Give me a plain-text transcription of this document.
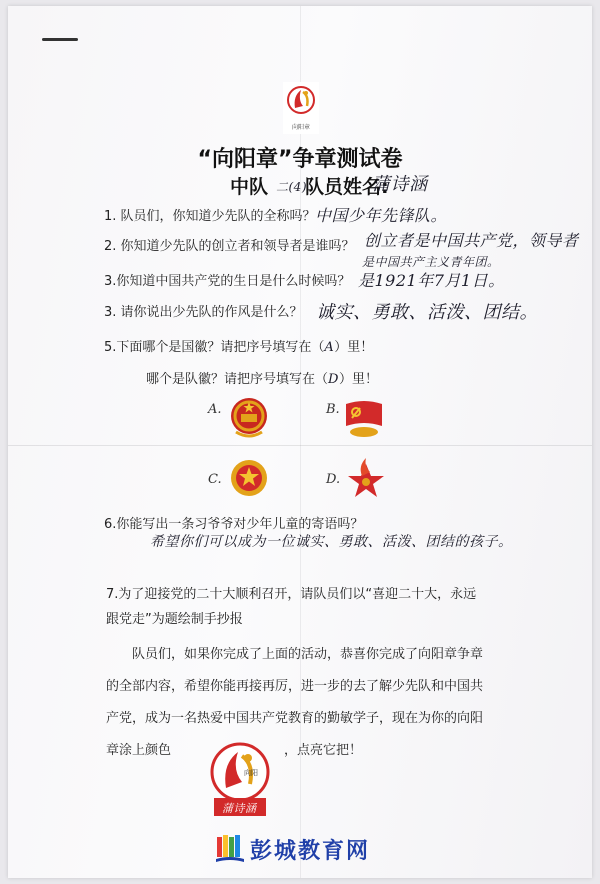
向阳章
“向阳章”争章测试卷
中队 二(4)
队员姓名:
蒲诗涵
1. 队员们，你知道少先队的全称吗？ 中国少年先锋队。
2. 你知道少先队的创立者和领导者是谁吗？ 创立者是中国共产党，领导者
是中国共产主义青年团。
3.你知道中国共产党的生日是什么时候吗？ 是1921年7月1日。
3. 请你说出少先队的作风是什么？ 诚实、勇敢、活泼、团结。
5.下面哪个是国徽？请把序号填写在（A）里！
哪个是队徽？请把序号填写在（D）里！
A.	B.
C.	D.
6.你能写出一条习爷爷对少年儿童的寄语吗？
希望你们可以成为一位诚实、勇敢、活泼、团结的孩子。
7.为了迎接党的二十大顺利召开，请队员们以“喜迎二十大，永远
跟党走”为题绘制手抄报
队员们，如果你完成了上面的活动，恭喜你完成了向阳章争章
的全部内容，希望你能再接再厉，进一步的去了解少先队和中国共
产党，成为一名热爱中国共产党教育的勤敏学子，现在为你的向阳
章涂上颜色	，点亮它把！
向阳
蒲诗涵
彭城教育网
